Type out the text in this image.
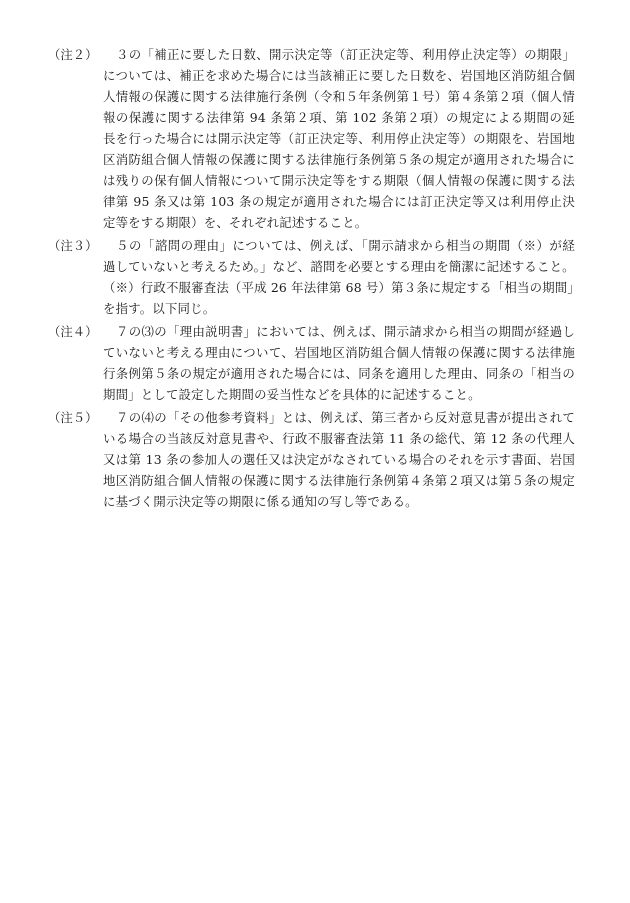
（注２）	３の「補正に要した日数、開示決定等（訂正決定等、利用停止決定等）の期限」については、補正を求めた場合には当該補正に要した日数を、岩国地区消防組合個人情報の保護に関する法律施行条例（令和５年条例第１号）第４条第２項（個人情報の保護に関する法律第 94 条第２項、第 102 条第２項）の規定による期間の延長を行った場合には開示決定等（訂正決定等、利用停止決定等）の期限を、岩国地区消防組合個人情報の保護に関する法律施行条例第５条の規定が適用された場合には残りの保有個人情報について開示決定等をする期限（個人情報の保護に関する法律第 95 条又は第 103 条の規定が適用された場合には訂正決定等又は利用停止決定等をする期限）を、それぞれ記述すること。

（注３）	５の「諮問の理由」については、例えば、「開示請求から相当の期間（※）が経過していないと考えるため。」など、諮問を必要とする理由を簡潔に記述すること。

（※）行政不服審査法（平成 26 年法律第 68 号）第３条に規定する「相当の期間」を指す。以下同じ。

（注４）	７の⑶の「理由説明書」においては、例えば、開示請求から相当の期間が経過していないと考える理由について、岩国地区消防組合個人情報の保護に関する法律施行条例第５条の規定が適用された場合には、同条を適用した理由、同条の「相当の期間」として設定した期間の妥当性などを具体的に記述すること。

（注５）	７の⑷の「その他参考資料」とは、例えば、第三者から反対意見書が提出されている場合の当該反対意見書や、行政不服審査法第 11 条の総代、第 12 条の代理人又は第 13 条の参加人の選任又は決定がなされている場合のそれを示す書面、岩国地区消防組合個人情報の保護に関する法律施行条例第４条第２項又は第５条の規定に基づく開示決定等の期限に係る通知の写し等である。
